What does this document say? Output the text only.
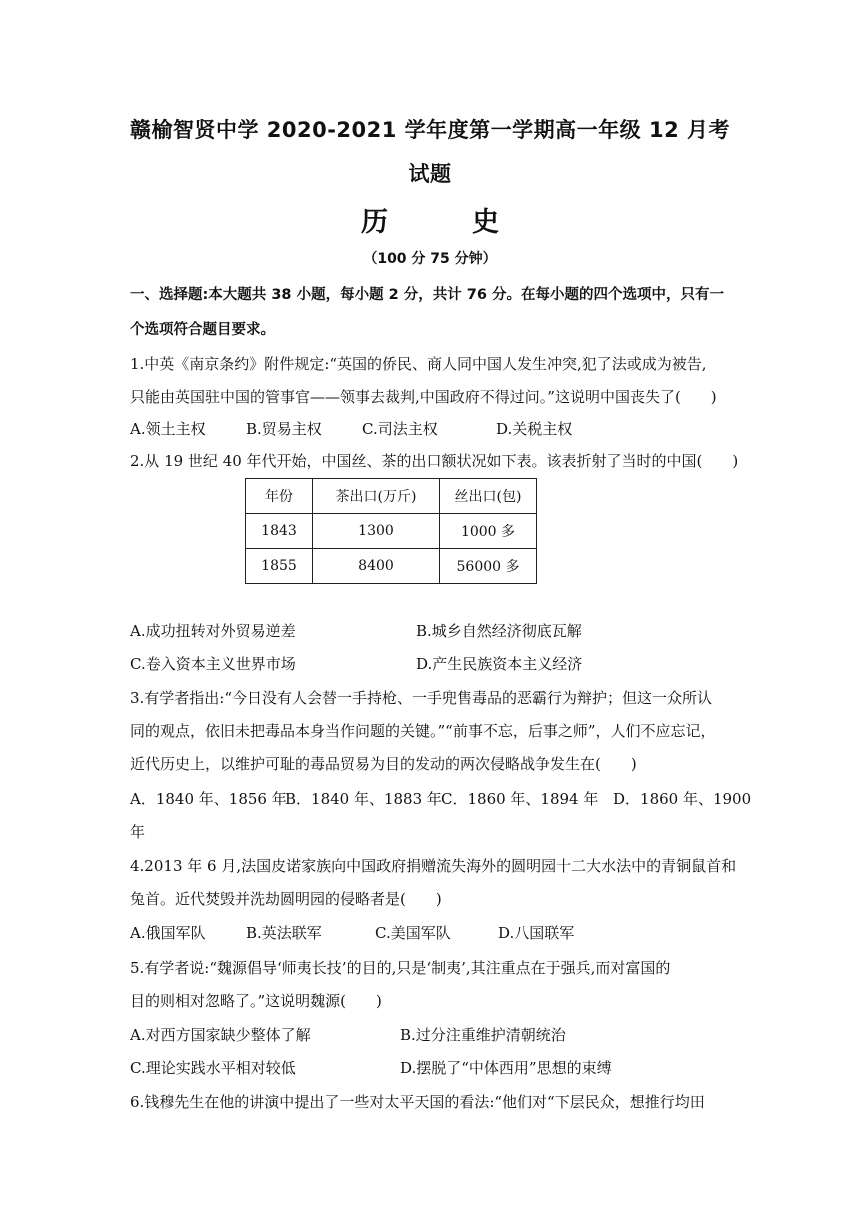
赣榆智贤中学 2020-2021 学年度第一学期高一年级 12 月考
试题
历	史
（100 分 75 分钟）
一、选择题:本大题共 38 小题，每小题 2 分，共计 76 分。在每小题的四个选项中，只有一
个选项符合题目要求。
1.中英《南京条约》附件规定:“英国的侨民、商人同中国人发生冲突,犯了法或成为被告,
只能由英国驻中国的管事官——领事去裁判,中国政府不得过问。”这说明中国丧失了(　　)
A.领土主权	B.贸易主权	C.司法主权	D.关税主权
2.从 19 世纪 40 年代开始，中国丝、茶的出口额状况如下表。该表折射了当时的中国(　　)
年份	茶出口(万斤)	丝出口(包)
1843	1300	1000 多
1855	8400	56000 多
A.成功扭转对外贸易逆差	B.城乡自然经济彻底瓦解
C.卷入资本主义世界市场	D.产生民族资本主义经济
3.有学者指出:“今日没有人会替一手持枪、一手兜售毒品的恶霸行为辩护；但这一众所认
同的观点，依旧未把毒品本身当作问题的关键。”“前事不忘，后事之师”，人们不应忘记，
近代历史上，以维护可耻的毒品贸易为目的发动的两次侵略战争发生在(　　)
A．1840 年、1856 年
B．1840 年、1883 年 C．1860 年、1894 年 D．1860 年、1900
年
4.2013 年 6 月,法国皮诺家族向中国政府捐赠流失海外的圆明园十二大水法中的青铜鼠首和
兔首。近代焚毁并洗劫圆明园的侵略者是(　　)
A.俄国军队	B.英法联军	C.美国军队	D.八国联军
5.有学者说:“魏源倡导‘师夷长技’的目的,只是‘制夷’,其注重点在于强兵,而对富国的
目的则相对忽略了。”这说明魏源(　　)
A.对西方国家缺少整体了解	B.过分注重维护清朝统治
C.理论实践水平相对较低	D.摆脱了“中体西用”思想的束缚
6.钱穆先生在他的讲演中提出了一些对太平天国的看法:“他们对“下层民众，想推行均田
